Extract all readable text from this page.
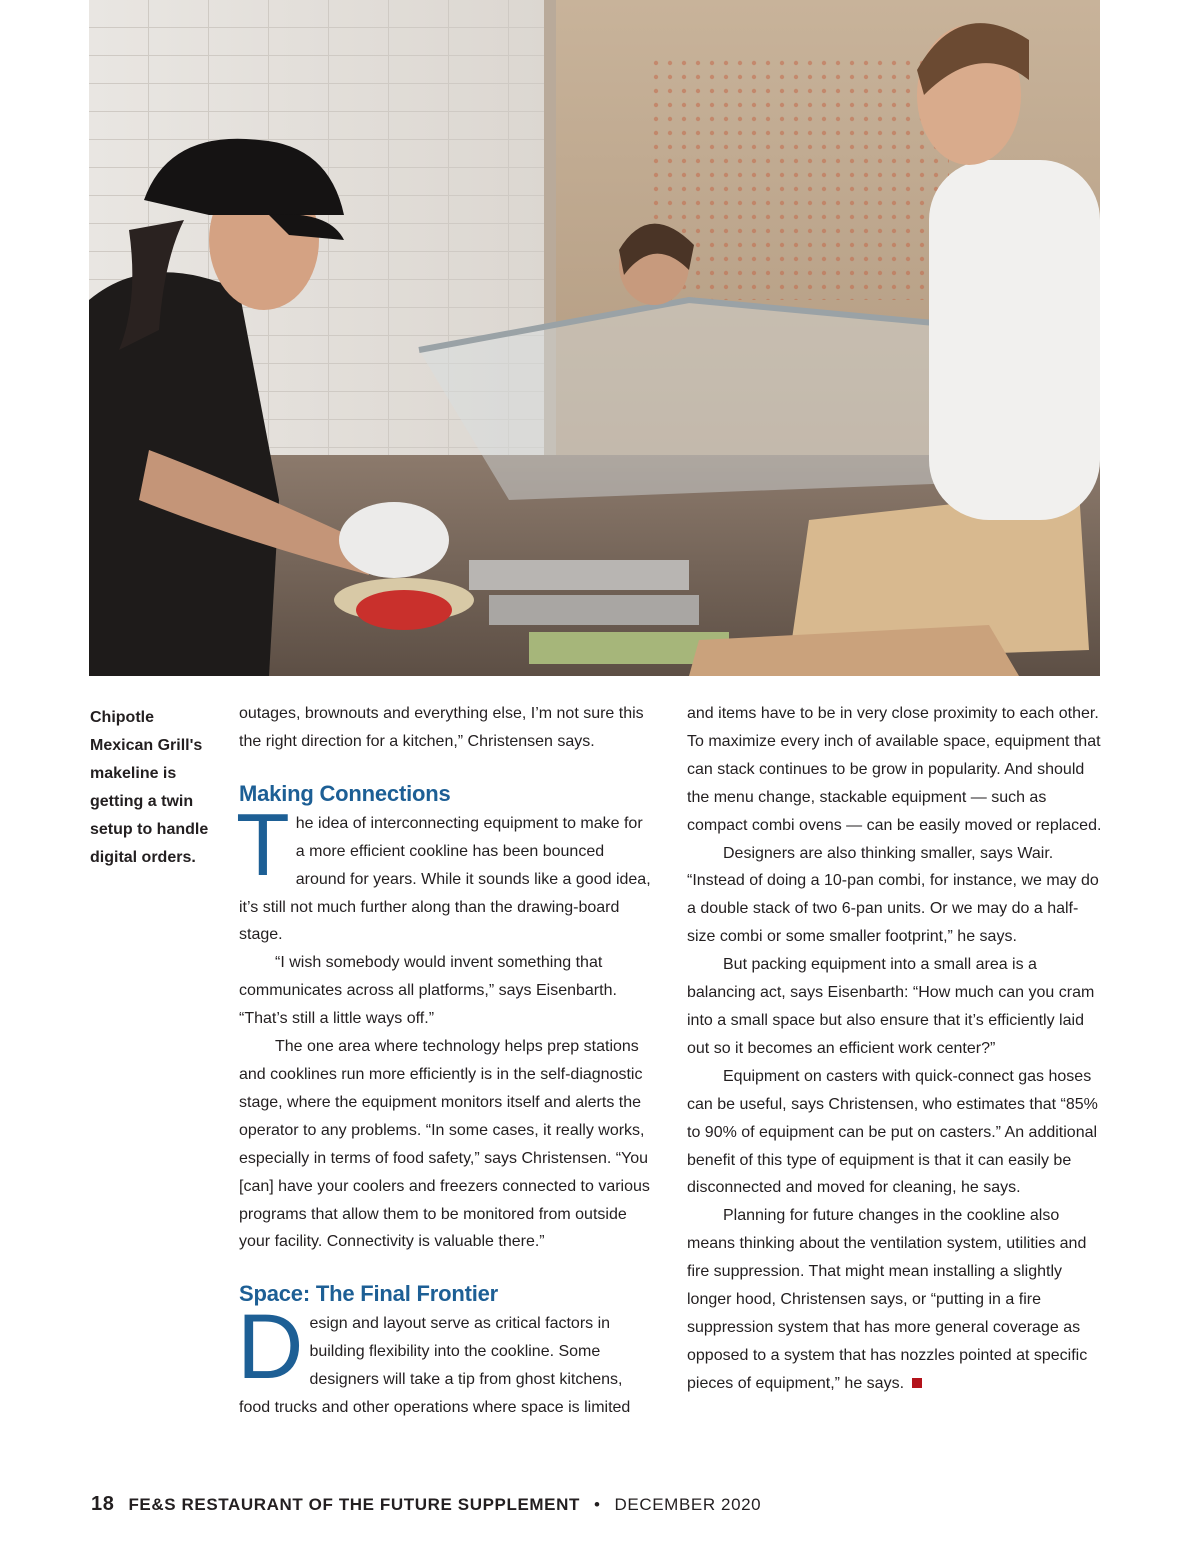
Chipotle Mexican Grill's makeline is getting a twin setup to handle digital orders.

outages, brownouts and everything else, I’m not sure this the right direction for a kitchen,” Christensen says.

Making Connections

The idea of interconnecting equipment to make for a more efficient cookline has been bounced around for years. While it sounds like a good idea, it’s still not much further along than the drawing-board stage.

“I wish somebody would invent something that communicates across all platforms,” says Eisenbarth. “That’s still a little ways off.”

The one area where technology helps prep stations and cooklines run more efficiently is in the self-diagnostic stage, where the equipment monitors itself and alerts the operator to any problems. “In some cases, it really works, especially in terms of food safety,” says Christensen. “You [can] have your coolers and freezers connected to various programs that allow them to be monitored from outside your facility. Connectivity is valuable there.”

Space: The Final Frontier

Design and layout serve as critical factors in building flexibility into the cookline. Some designers will take a tip from ghost kitchens, food trucks and other operations where space is limited

and items have to be in very close proximity to each other. To maximize every inch of available space, equipment that can stack continues to be grow in popularity. And should the menu change, stackable equipment — such as compact combi ovens — can be easily moved or replaced.

Designers are also thinking smaller, says Wair. “Instead of doing a 10-pan combi, for instance, we may do a double stack of two 6-pan units. Or we may do a half-size combi or some smaller footprint,” he says.

But packing equipment into a small area is a balancing act, says Eisenbarth: “How much can you cram into a small space but also ensure that it’s efficiently laid out so it becomes an efficient work center?”

Equipment on casters with quick-connect gas hoses can be useful, says Christensen, who estimates that “85% to 90% of equipment can be put on casters.” An additional benefit of this type of equipment is that it can easily be disconnected and moved for cleaning, he says.

Planning for future changes in the cookline also means thinking about the ventilation system, utilities and fire suppression. That might mean installing a slightly longer hood, Christensen says, or “putting in a fire suppression system that has more general coverage as opposed to a system that has nozzles pointed at specific pieces of equipment,” he says.

18 FE&S RESTAURANT OF THE FUTURE SUPPLEMENT • DECEMBER 2020
